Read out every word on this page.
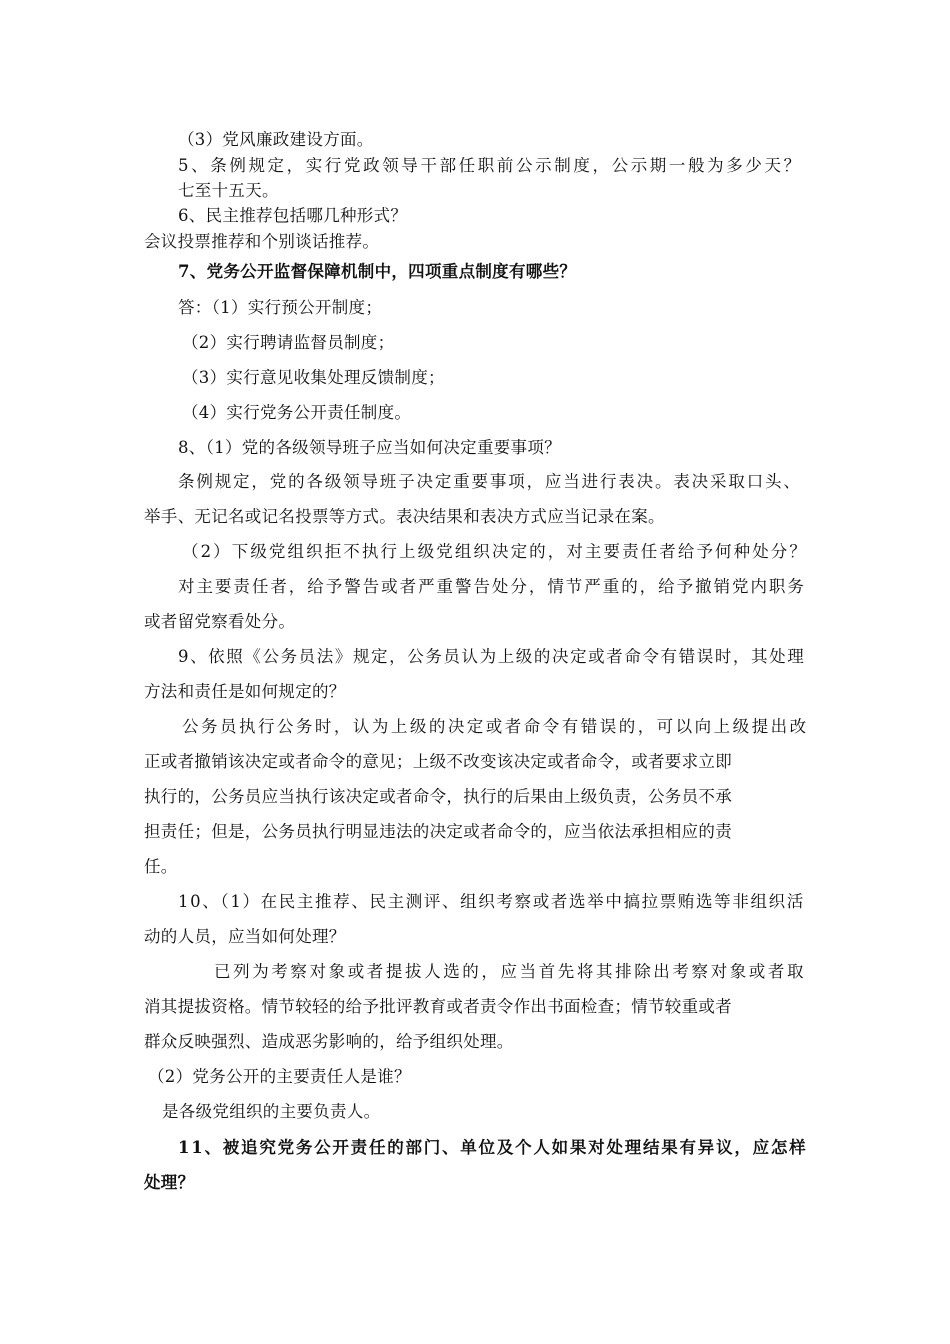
（3）党风廉政建设方面。
5、条例规定，实行党政领导干部任职前公示制度，公示期一般为多少天？
七至十五天。
6、民主推荐包括哪几种形式？
会议投票推荐和个别谈话推荐。
7、党务公开监督保障机制中，四项重点制度有哪些？
答：（1）实行预公开制度；
（2）实行聘请监督员制度；
（3）实行意见收集处理反馈制度；
（4）实行党务公开责任制度。
8、（1）党的各级领导班子应当如何决定重要事项？
条例规定，党的各级领导班子决定重要事项，应当进行表决。表决采取口头、
举手、无记名或记名投票等方式。表决结果和表决方式应当记录在案。
（2）下级党组织拒不执行上级党组织决定的，对主要责任者给予何种处分？
对主要责任者，给予警告或者严重警告处分，情节严重的，给予撤销党内职务
或者留党察看处分。
9、依照《公务员法》规定，公务员认为上级的决定或者命令有错误时，其处理
方法和责任是如何规定的？
公务员执行公务时，认为上级的决定或者命令有错误的，可以向上级提出改
正或者撤销该决定或者命令的意见；上级不改变该决定或者命令，或者要求立即
执行的，公务员应当执行该决定或者命令，执行的后果由上级负责，公务员不承
担责任；但是，公务员执行明显违法的决定或者命令的，应当依法承担相应的责
任。
10、（1）在民主推荐、民主测评、组织考察或者选举中搞拉票贿选等非组织活
动的人员，应当如何处理？
已列为考察对象或者提拔人选的，应当首先将其排除出考察对象或者取
消其提拔资格。情节较轻的给予批评教育或者责令作出书面检查；情节较重或者
群众反映强烈、造成恶劣影响的，给予组织处理。
（2）党务公开的主要责任人是谁？
是各级党组织的主要负责人。
11、被追究党务公开责任的部门、单位及个人如果对处理结果有异议，应怎样
处理？
